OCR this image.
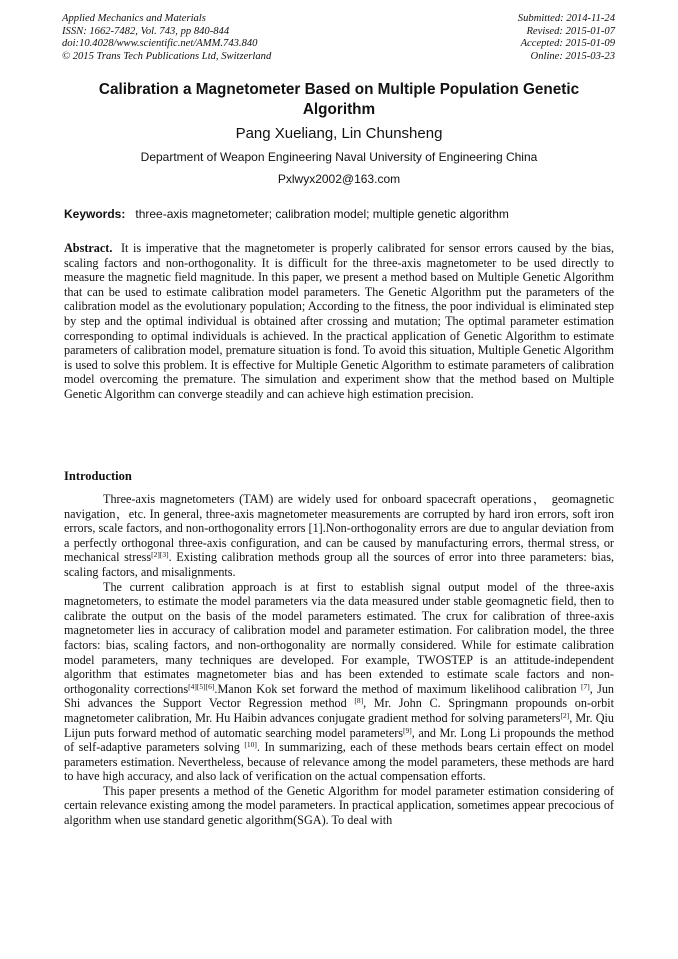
Applied Mechanics and Materials
ISSN: 1662-7482, Vol. 743, pp 840-844
doi:10.4028/www.scientific.net/AMM.743.840
© 2015 Trans Tech Publications Ltd, Switzerland
Submitted: 2014-11-24
Revised: 2015-01-07
Accepted: 2015-01-09
Online: 2015-03-23
Calibration a Magnetometer Based on Multiple Population Genetic Algorithm
Pang Xueliang, Lin Chunsheng
Department of Weapon Engineering Naval University of Engineering China
Pxlwyx2002@163.com
Keywords: three-axis magnetometer; calibration model; multiple genetic algorithm
Abstract. It is imperative that the magnetometer is properly calibrated for sensor errors caused by the bias, scaling factors and non-orthogonality. It is difficult for the three-axis magnetometer to be used directly to measure the magnetic field magnitude. In this paper, we present a method based on Multiple Genetic Algorithm that can be used to estimate calibration model parameters. The Genetic Algorithm put the parameters of the calibration model as the evolutionary population; According to the fitness, the poor individual is eliminated step by step and the optimal individual is obtained after crossing and mutation; The optimal parameter estimation corresponding to optimal individuals is achieved. In the practical application of Genetic Algorithm to estimate parameters of calibration model, premature situation is fond. To avoid this situation, Multiple Genetic Algorithm is used to solve this problem. It is effective for Multiple Genetic Algorithm to estimate parameters of calibration model overcoming the premature. The simulation and experiment show that the method based on Multiple Genetic Algorithm can converge steadily and can achieve high estimation precision.
Introduction

Three-axis magnetometers (TAM) are widely used for onboard spacecraft operations， geomagnetic navigation，etc. In general, three-axis magnetometer measurements are corrupted by hard iron errors, soft iron errors, scale factors, and non-orthogonality errors [1].Non-orthogonality errors are due to angular deviation from a perfectly orthogonal three-axis configuration, and can be caused by manufacturing errors, thermal stress, or mechanical stress[2][3]. Existing calibration methods group all the sources of error into three parameters: bias, scaling factors, and misalignments.

The current calibration approach is at first to establish signal output model of the three-axis magnetometers, to estimate the model parameters via the data measured under stable geomagnetic field, then to calibrate the output on the basis of the model parameters estimated. The crux for calibration of three-axis magnetometer lies in accuracy of calibration model and parameter estimation. For calibration model, the three factors: bias, scaling factors, and non-orthogonality are normally considered. While for estimate calibration model parameters, many techniques are developed. For example, TWOSTEP is an attitude-independent algorithm that estimates magnetometer bias and has been extended to estimate scale factors and non-orthogonality corrections[4][5][6].Manon Kok set forward the method of maximum likelihood calibration [7], Jun Shi advances the Support Vector Regression method [8], Mr. John C. Springmann propounds on-orbit magnetometer calibration, Mr. Hu Haibin advances conjugate gradient method for solving parameters[2], Mr. Qiu Lijun puts forward method of automatic searching model parameters[9], and Mr. Long Li propounds the method of self-adaptive parameters solving [10]. In summarizing, each of these methods bears certain effect on model parameters estimation. Nevertheless, because of relevance among the model parameters, these methods are hard to have high accuracy, and also lack of verification on the actual compensation efforts.

This paper presents a method of the Genetic Algorithm for model parameter estimation considering of certain relevance existing among the model parameters. In practical application, sometimes appear precocious of algorithm when use standard genetic algorithm(SGA). To deal with
